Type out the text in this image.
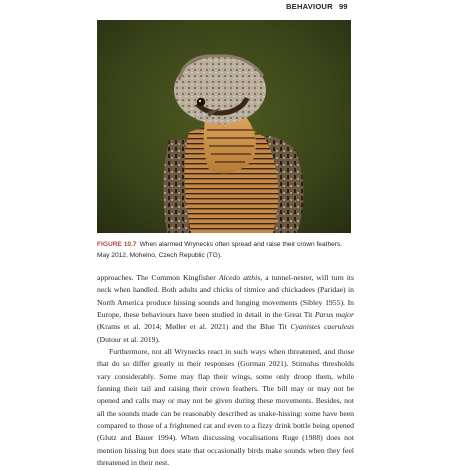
BEHAVIOUR 99
FIGURE 10.7 When alarmed Wrynecks often spread and raise their crown feathers. May 2012, Mohelno, Czech Republic (TG).

approaches. The Common Kingfisher Alcedo atthis, a tunnel-nester, will turn its neck when handled. Both adults and chicks of titmice and chickadees (Paridae) in North America produce hissing sounds and lunging movements (Sibley 1955). In Europe, these behaviours have been studied in detail in the Great Tit Parus major (Krams et al. 2014; Møller et al. 2021) and the Blue Tit Cyanistes caeruleus (Dutour et al. 2019).

Furthermore, not all Wrynecks react in such ways when threatened, and those that do so differ greatly in their responses (Gorman 2021). Stimulus thresholds vary considerably. Some may flap their wings, some only droop them, while fanning their tail and raising their crown feathers. The bill may or may not be opened and calls may or may not be given during these movements. Besides, not all the sounds made can be reasonably described as snake-hissing: some have been compared to those of a frightened cat and even to a fizzy drink bottle being opened (Glutz and Bauer 1994). When discussing vocalisations Ruge (1988) does not mention hissing but does state that occasionally birds make sounds when they feel threatened in their nest.
